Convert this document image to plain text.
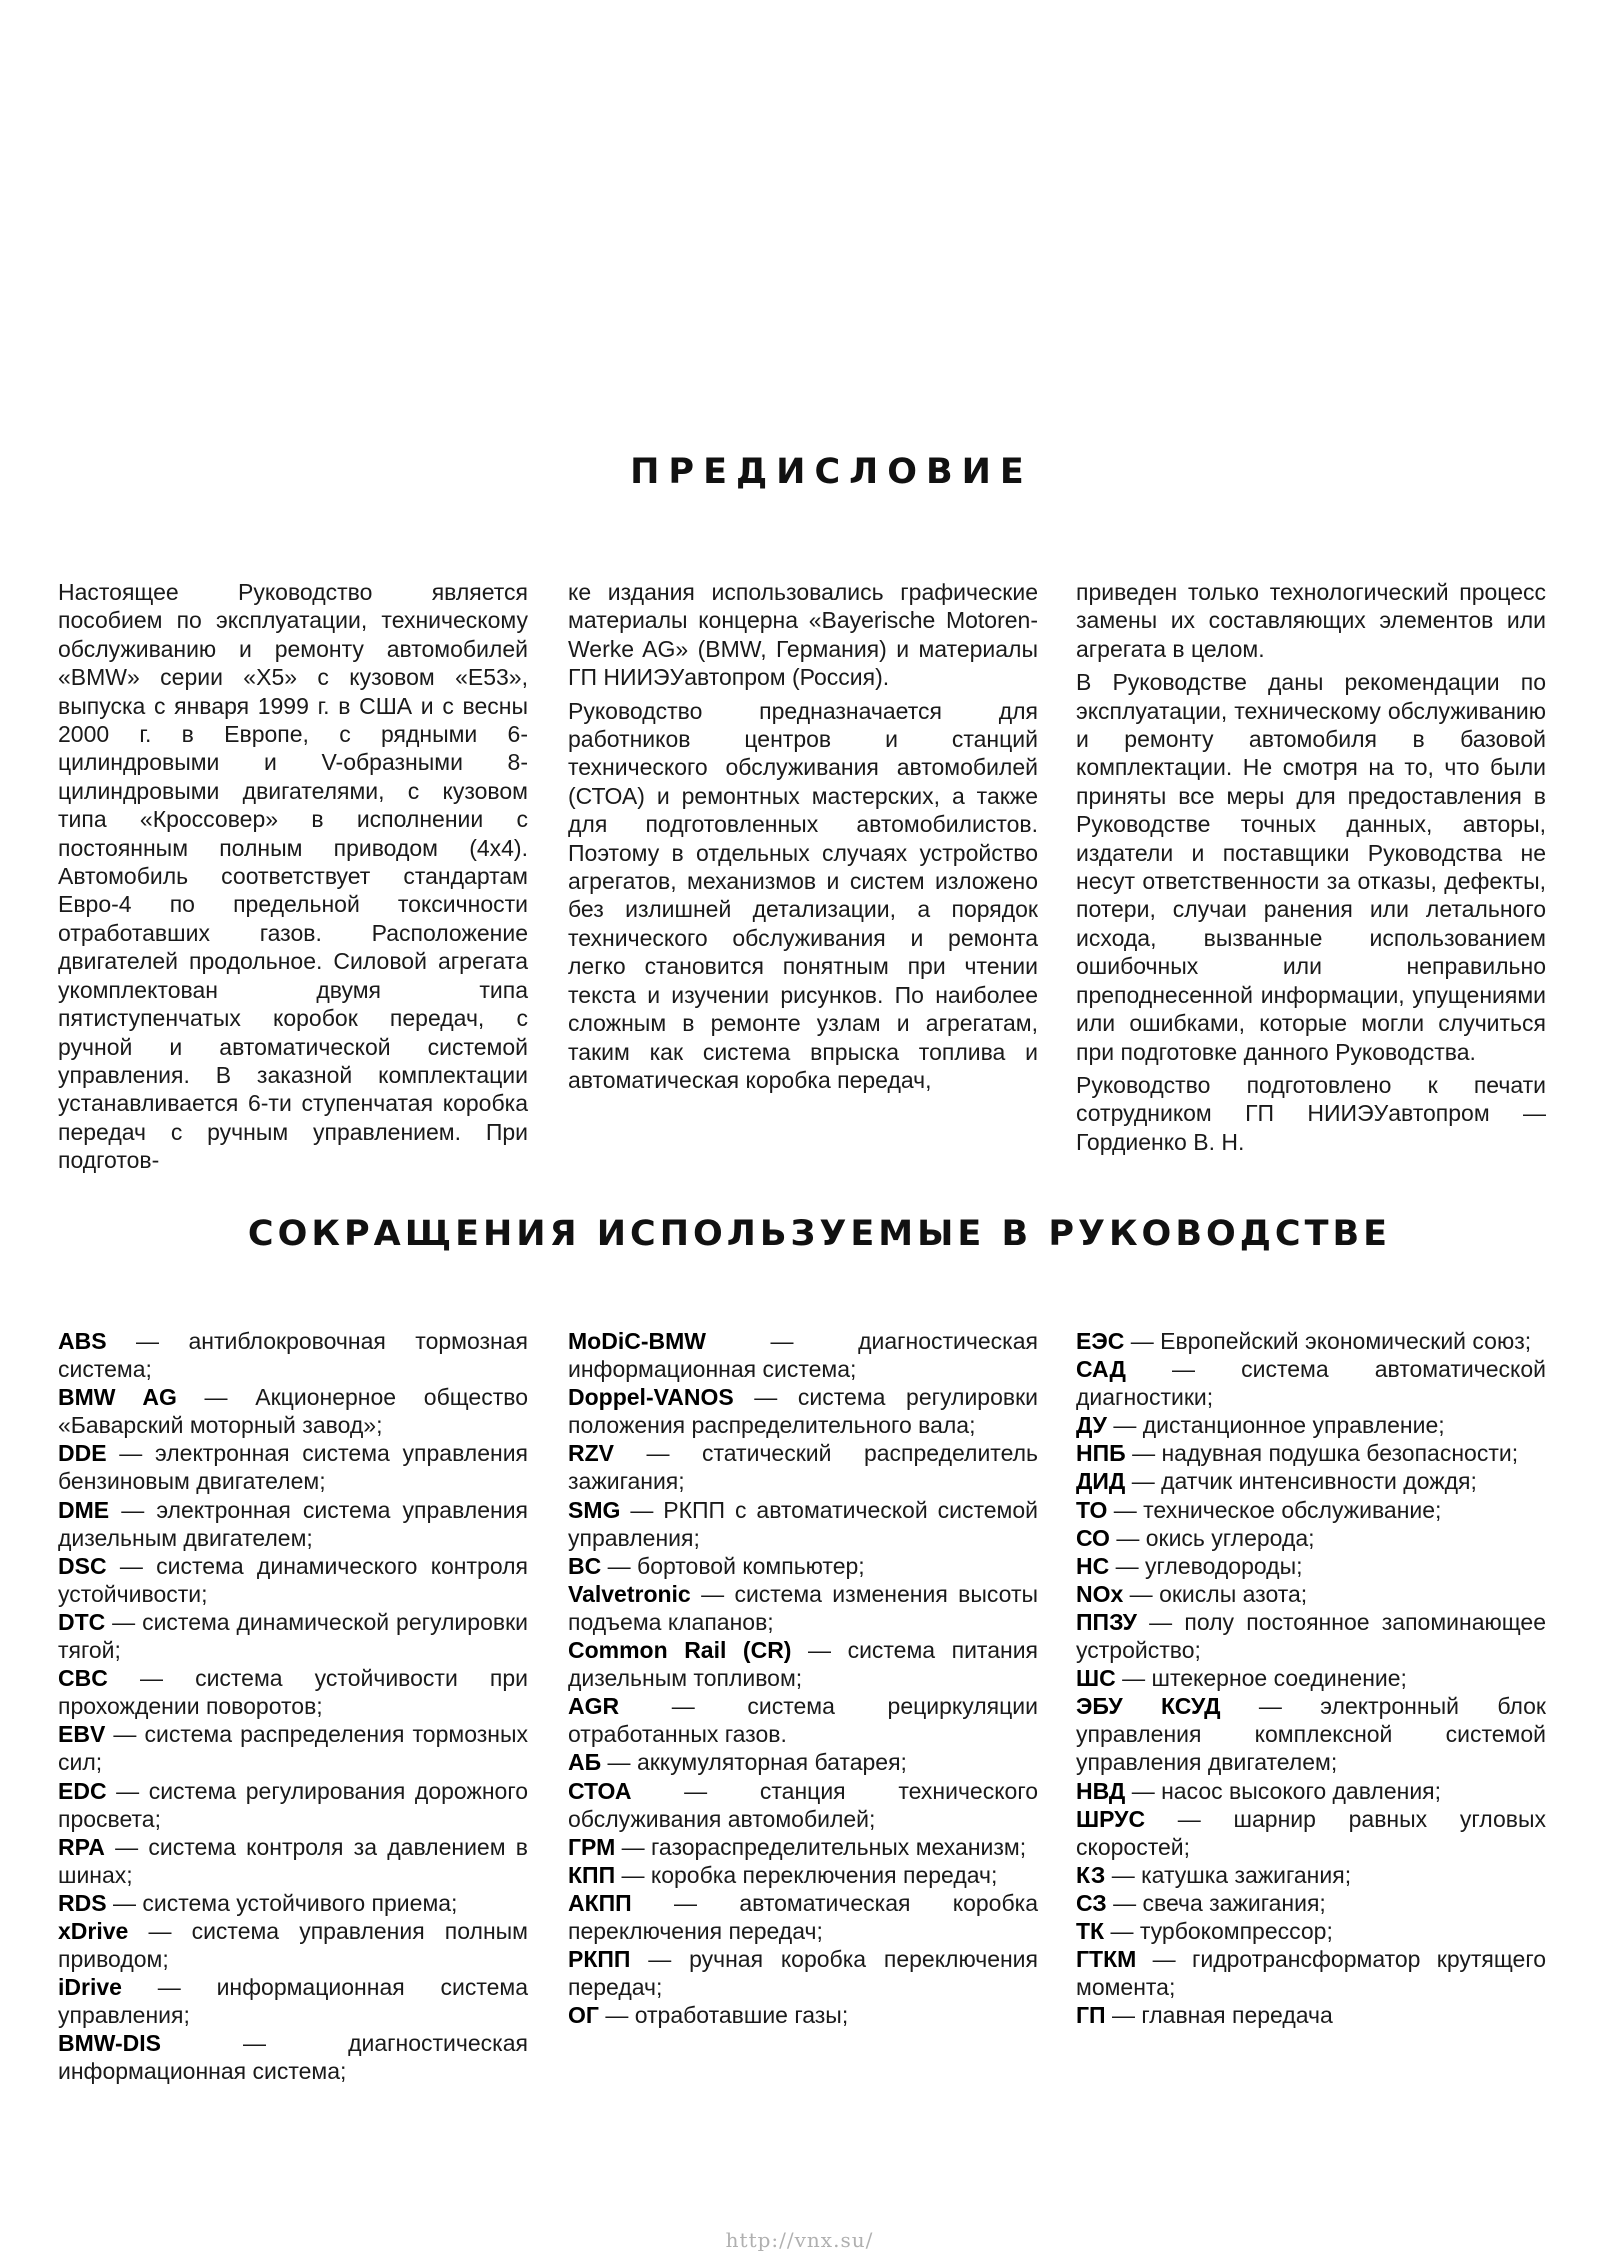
ПРЕДИСЛОВИЕ

Настоящее Руководство является пособием по эксплуатации, техническому обслуживанию и ремонту автомобилей «BMW» серии «X5» с кузовом «E53», выпуска с января 1999 г. в США и с весны 2000 г. в Европе, с рядными 6-цилиндровыми и V-образными 8-цилиндровыми двигателями, с кузовом типа «Кроссовер» в исполнении с постоянным полным приводом (4x4). Автомобиль соответствует стандартам Евро-4 по предельной токсичности отработавших газов. Расположение двигателей продольное. Силовой агрегата укомплектован двумя типа пятиступенчатых коробок передач, с ручной и автоматической системой управления. В заказной комплектации устанавливается 6-ти ступенчатая коробка передач с ручным управлением. При подготов-

ке издания использовались графические материалы концерна «Bayerische Motoren-Werke AG» (BMW, Германия) и материалы ГП НИИЭУавтопром (Россия).

Руководство предназначается для работников центров и станций технического обслуживания автомобилей (СТОА) и ремонтных мастерских, а также для подготовленных автомобилистов. Поэтому в отдельных случаях устройство агрегатов, механизмов и систем изложено без излишней детализации, а порядок технического обслуживания и ремонта легко становится понятным при чтении текста и изучении рисунков. По наиболее сложным в ремонте узлам и агрегатам, таким как система впрыска топлива и автоматическая коробка передач,

приведен только технологический процесс замены их составляющих элементов или агрегата в целом.

В Руководстве даны рекомендации по эксплуатации, техническому обслуживанию и ремонту автомобиля в базовой комплектации. Не смотря на то, что были приняты все меры для предоставления в Руководстве точных данных, авторы, издатели и поставщики Руководства не несут ответственности за отказы, дефекты, потери, случаи ранения или летального исхода, вызванные использованием ошибочных или неправильно преподнесенной информации, упущениями или ошибками, которые могли случиться при подготовке данного Руководства.

Руководство подготовлено к печати сотрудником ГП НИИЭУавтопром — Гордиенко В. Н.

СОКРАЩЕНИЯ ИСПОЛЬЗУЕМЫЕ В РУКОВОДСТВЕ

ABS — антиблокровочная тормозная система;

BMW AG — Акционерное общество «Баварский моторный завод»;

DDE — электронная система управления бензиновым двигателем;

DME — электронная система управления дизельным двигателем;

DSC — система динамического контроля устойчивости;

DTC — система динамической регулировки тягой;

CBC — система устойчивости при прохождении поворотов;

EBV — система распределения тормозных сил;

EDC — система регулирования дорожного просвета;

RPA — система контроля за давлением в шинах;

RDS — система устойчивого приема;

xDrive — система управления полным приводом;

iDrive — информационная система управления;

BMW-DIS — диагностическая информационная система;

MoDiC-BMW — диагностическая информационная система;

Doppel-VANOS — система регулировки положения распределительного вала;

RZV — статический распределитель зажигания;

SMG — РКПП с автоматической системой управления;

BC — бортовой компьютер;

Valvetronic — система изменения высоты подъема клапанов;

Common Rail (CR) — система питания дизельным топливом;

AGR — система рециркуляции отработанных газов.

АБ — аккумуляторная батарея;

СТОА — станция технического обслуживания автомобилей;

ГРМ — газораспределительных механизм;

КПП — коробка переключения передач;

АКПП — автоматическая коробка переключения передач;

РКПП — ручная коробка переключения передач;

ОГ — отработавшие газы;

ЕЭС — Европейский экономический союз;

САД — система автоматической диагностики;

ДУ — дистанционное управление;

НПБ — надувная подушка безопасности;

ДИД — датчик интенсивности дождя;

ТО — техническое обслуживание;

СО — окись углерода;

НС — углеводороды;

NOx — окислы азота;

ППЗУ — полу постоянное запоминающее устройство;

ШС — штекерное соединение;

ЭБУ КСУД — электронный блок управления комплексной системой управления двигателем;

НВД — насос высокого давления;

ШРУС — шарнир равных угловых скоростей;

КЗ — катушка зажигания;

СЗ — свеча зажигания;

ТК — турбокомпрессор;

ГТКМ — гидротрансформатор крутящего момента;

ГП — главная передача

http://vnx.su/
